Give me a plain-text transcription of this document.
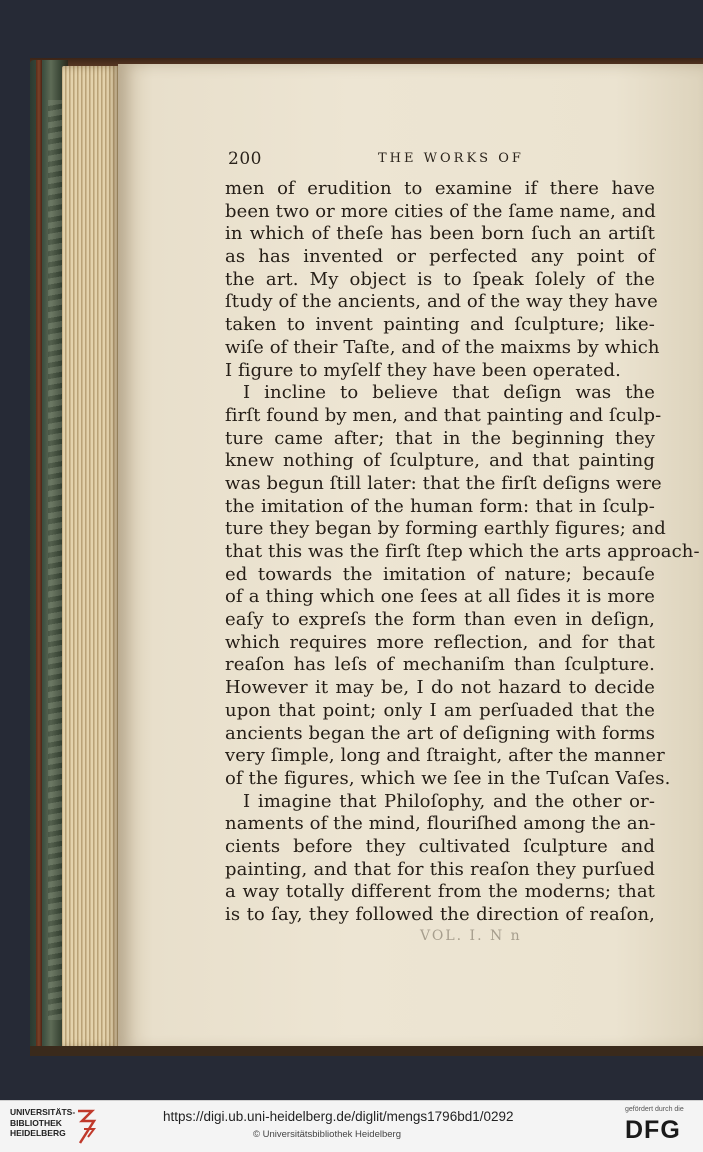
200	THE WORKS OF
men of erudition to examine if there have
been two or more cities of the ſame name, and
in which of theſe has been born ſuch an artiſt
as has invented or perfected any point of
the art. My object is to ſpeak ſolely of the
ſtudy of the ancients, and of the way they have
taken to invent painting and ſculpture; like-
wiſe of their Taſte, and of the maixms by which
I figure to myſelf they have been operated.
I incline to believe that deſign was the
firſt found by men, and that painting and ſculp-
ture came after; that in the beginning they
knew nothing of ſculpture, and that painting
was begun ſtill later: that the firſt deſigns were
the imitation of the human form: that in ſculp-
ture they began by forming earthly figures; and
that this was the firſt ſtep which the arts approach-
ed towards the imitation of nature; becauſe
of a thing which one ſees at all ſides it is more
eaſy to expreſs the form than even in deſign,
which requires more reflection, and for that
reaſon has leſs of mechaniſm than ſculpture.
However it may be, I do not hazard to decide
upon that point; only I am perſuaded that the
ancients began the art of deſigning with forms
very ſimple, long and ſtraight, after the manner
of the figures, which we ſee in the Tuſcan Vaſes.
I imagine that Philoſophy, and the other or-
naments of the mind, flouriſhed among the an-
cients before they cultivated ſculpture and
painting, and that for this reaſon they purſued
a way totally different from the moderns; that
is to ſay, they followed the direction of reaſon,
VOL. I. N n
UNIVERSITÄTS-
BIBLIOTHEK
HEIDELBERG
https://digi.ub.uni-heidelberg.de/diglit/mengs1796bd1/0292
© Universitätsbibliothek Heidelberg
gefördert durch die
DFG
